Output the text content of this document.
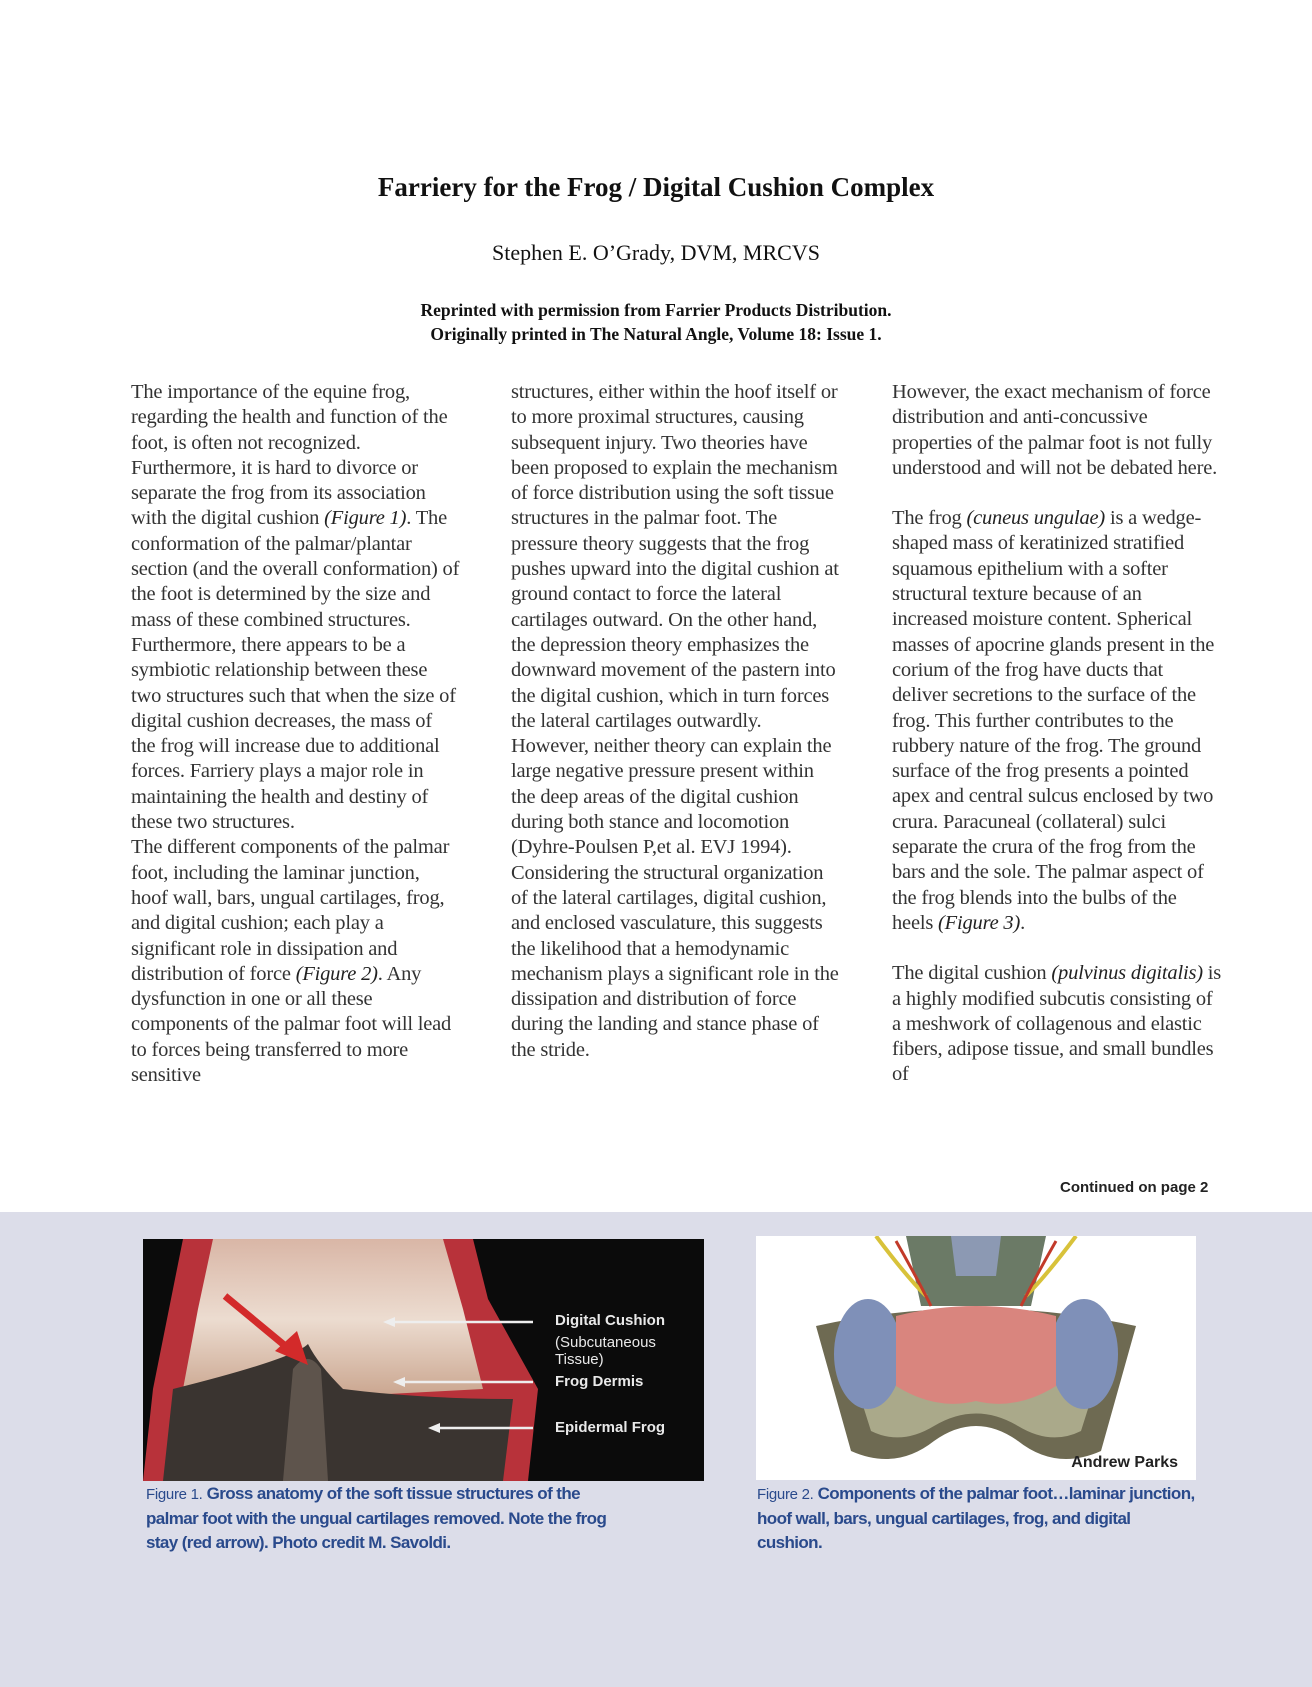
Farriery for the Frog / Digital Cushion Complex
Stephen E. O’Grady, DVM, MRCVS
Reprinted with permission from Farrier Products Distribution.
Originally printed in The Natural Angle, Volume 18: Issue 1.

The importance of the equine frog, regarding the health and function of the foot, is often not recognized. Furthermore, it is hard to divorce or separate the frog from its association with the digital cushion (Figure 1). The conformation of the palmar/plantar section (and the overall conformation) of the foot is determined by the size and mass of these combined structures. Furthermore, there appears to be a symbiotic relationship between these two structures such that when the size of digital cushion decreases, the mass of the frog will increase due to additional forces. Farriery plays a major role in maintaining the health and destiny of these two structures.

The different components of the palmar foot, including the laminar junction, hoof wall, bars, ungual cartilages, frog, and digital cushion; each play a significant role in dissipation and distribution of force (Figure 2). Any dysfunction in one or all these components of the palmar foot will lead to forces being transferred to more sensitive

structures, either within the hoof itself or to more proximal structures, causing subsequent injury. Two theories have been proposed to explain the mechanism of force distribution using the soft tissue structures in the palmar foot. The pressure theory suggests that the frog pushes upward into the digital cushion at ground contact to force the lateral cartilages outward. On the other hand, the depression theory emphasizes the downward movement of the pastern into the digital cushion, which in turn forces the lateral cartilages outwardly. However, neither theory can explain the large negative pressure present within the deep areas of the digital cushion during both stance and locomotion (Dyhre-Poulsen P,et al. EVJ 1994). Considering the structural organization of the lateral cartilages, digital cushion, and enclosed vasculature, this suggests the likelihood that a hemodynamic mechanism plays a significant role in the dissipation and distribution of force during the landing and stance phase of the stride.

However, the exact mechanism of force distribution and anti-concussive properties of the palmar foot is not fully understood and will not be debated here.

The frog (cuneus ungulae) is a wedge-shaped mass of keratinized stratified squamous epithelium with a softer structural texture because of an increased moisture content. Spherical masses of apocrine glands present in the corium of the frog have ducts that deliver secretions to the surface of the frog. This further contributes to the rubbery nature of the frog. The ground surface of the frog presents a pointed apex and central sulcus enclosed by two crura. Paracuneal (collateral) sulci separate the crura of the frog from the bars and the sole. The palmar aspect of the frog blends into the bulbs of the heels (Figure 3).

The digital cushion (pulvinus digitalis) is a highly modified subcutis consisting of a meshwork of collagenous and elastic fibers, adipose tissue, and small bundles of

Continued on page 2
Digital Cushion
(Subcutaneous Tissue)
Frog Dermis
Epidermal Frog
Andrew Parks
Figure 1. Gross anatomy of the soft tissue structures of the palmar foot with the ungual cartilages removed. Note the frog stay (red arrow). Photo credit M. Savoldi.
Figure 2. Components of the palmar foot…laminar junction, hoof wall, bars, ungual cartilages, frog, and digital cushion.
